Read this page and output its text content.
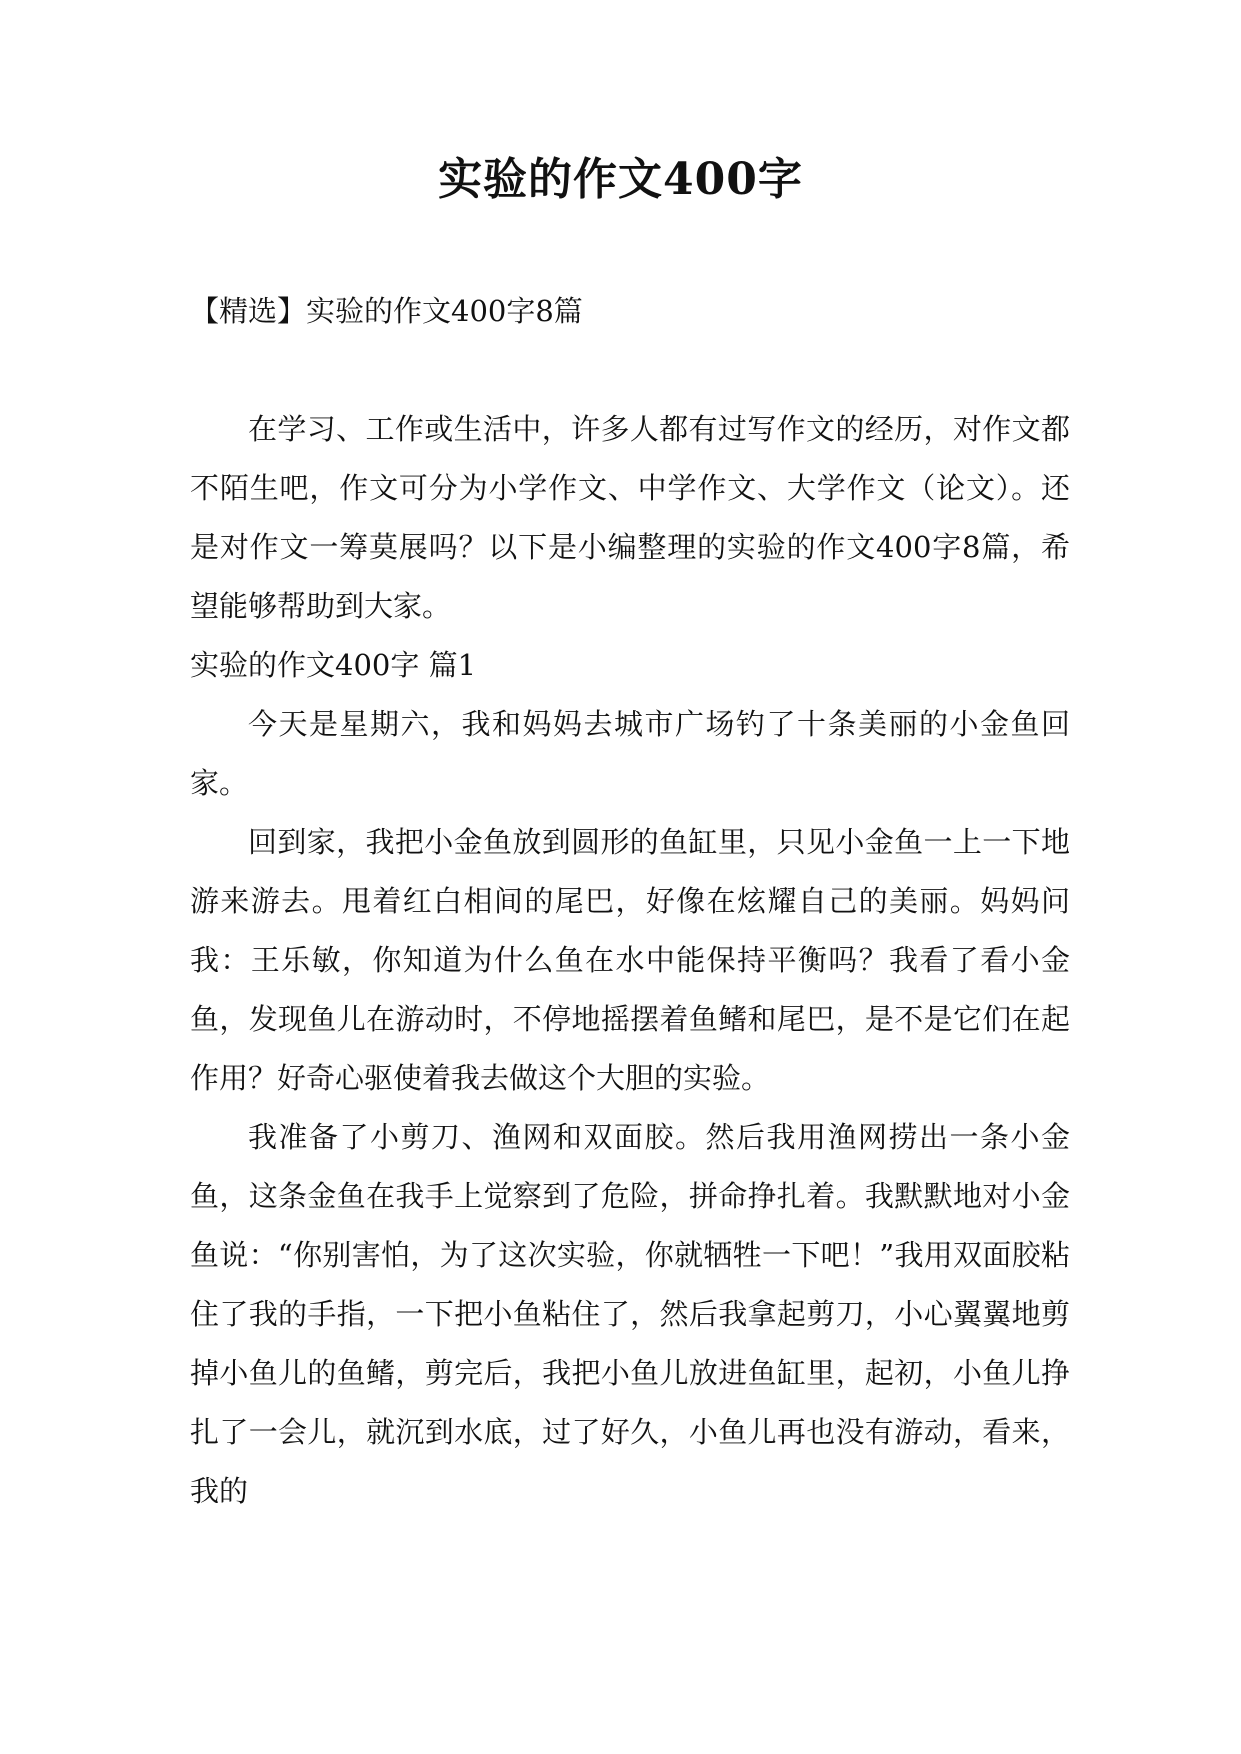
实验的作文400字
【精选】实验的作文400字8篇

在学习、工作或生活中，许多人都有过写作文的经历，对作文都不陌生吧，作文可分为小学作文、中学作文、大学作文（论文）。还是对作文一筹莫展吗？以下是小编整理的实验的作文400字8篇，希望能够帮助到大家。

实验的作文400字 篇1

今天是星期六，我和妈妈去城市广场钓了十条美丽的小金鱼回家。

回到家，我把小金鱼放到圆形的鱼缸里，只见小金鱼一上一下地游来游去。甩着红白相间的尾巴，好像在炫耀自己的美丽。妈妈问我：王乐敏，你知道为什么鱼在水中能保持平衡吗？我看了看小金鱼，发现鱼儿在游动时，不停地摇摆着鱼鳍和尾巴，是不是它们在起作用？好奇心驱使着我去做这个大胆的实验。

我准备了小剪刀、渔网和双面胶。然后我用渔网捞出一条小金鱼，这条金鱼在我手上觉察到了危险，拼命挣扎着。我默默地对小金鱼说：“你别害怕，为了这次实验，你就牺牲一下吧！”我用双面胶粘住了我的手指，一下把小鱼粘住了，然后我拿起剪刀，小心翼翼地剪掉小鱼儿的鱼鳍，剪完后，我把小鱼儿放进鱼缸里，起初，小鱼儿挣扎了一会儿，就沉到水底，过了好久，小鱼儿再也没有游动，看来，我的
